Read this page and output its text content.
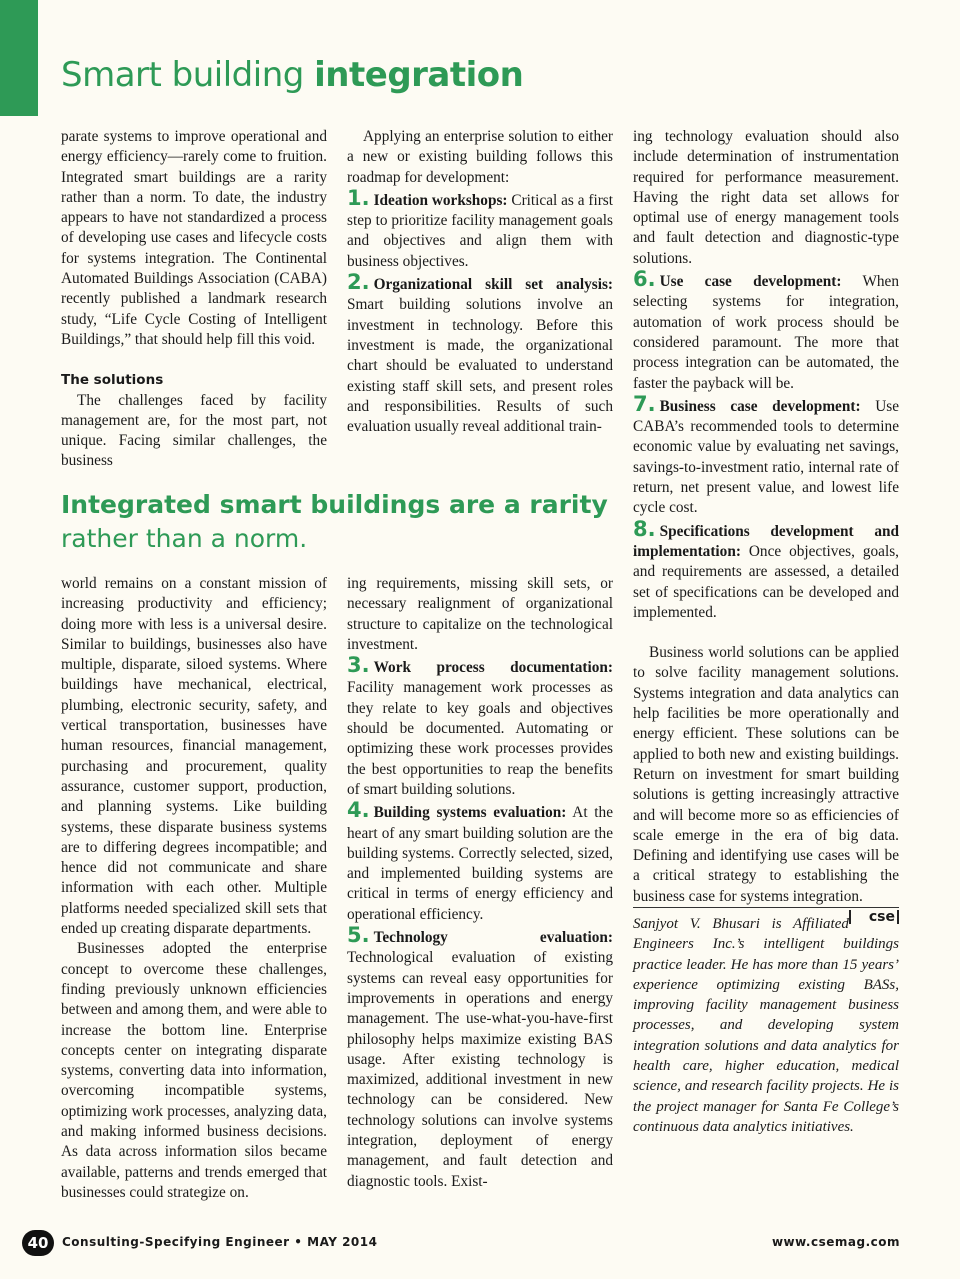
Smart building integration

parate systems to improve operational and energy efficiency—rarely come to fruition. Integrated smart buildings are a rarity rather than a norm. To date, the industry appears to have not standardized a process of developing use cases and lifecycle costs for systems integration. The Continental Automated Buildings Association (CABA) recently published a landmark research study, “Life Cycle Costing of Intelligent Buildings,” that should help fill this void.

The solutions

The challenges faced by facility management are, for the most part, not unique. Facing similar challenges, the business

Applying an enterprise solution to either a new or existing building follows this roadmap for development:

1. Ideation workshops: Critical as a first step to prioritize facility management goals and objectives and align them with business objectives.

2. Organizational skill set analysis: Smart building solutions involve an investment in technology. Before this investment is made, the organizational chart should be evaluated to understand existing staff skill sets, and present roles and responsibilities. Results of such evaluation usually reveal additional train-

ing technology evaluation should also include determination of instrumentation required for performance measurement. Having the right data set allows for optimal use of energy management tools and fault detection and diagnostic-type solutions.

6. Use case development: When selecting systems for integration, automation of work process should be considered paramount. The more that process integration can be automated, the faster the payback will be.

7. Business case development: Use CABA’s recommended tools to determine economic value by evaluating net savings, savings-to-investment ratio, internal rate of return, net present value, and lowest life cycle cost.

8. Specifications development and implementation: Once objectives, goals, and requirements are assessed, a detailed set of specifications can be developed and implemented.

Business world solutions can be applied to solve facility management solutions. Systems integration and data analytics can help facilities be more operationally and energy efficient. These solutions can be applied to both new and existing buildings. Return on investment for smart building solutions is getting increasingly attractive and will become more so as efficiencies of scale emerge in the era of big data. Defining and identifying use cases will be a critical strategy to establishing the business case for systems integration.
cse

Sanjyot V. Bhusari is Affiliated Engineers Inc.’s intelligent buildings practice leader. He has more than 15 years’ experience optimizing existing BASs, improving facility management business processes, and developing system integration solutions and data analytics for health care, higher education, medical science, and research facility projects. He is the project manager for Santa Fe College’s continuous data analytics initiatives.

Integrated smart buildings are a rarity
rather than a norm.

world remains on a constant mission of increasing productivity and efficiency; doing more with less is a universal desire. Similar to buildings, businesses also have multiple, disparate, siloed systems. Where buildings have mechanical, electrical, plumbing, electronic security, safety, and vertical transportation, businesses have human resources, financial management, purchasing and procurement, quality assurance, customer support, production, and planning systems. Like building systems, these disparate business systems are to differing degrees incompatible; and hence did not communicate and share information with each other. Multiple platforms needed specialized skill sets that ended up creating disparate departments.

Businesses adopted the enterprise concept to overcome these challenges, finding previously unknown efficiencies between and among them, and were able to increase the bottom line. Enterprise concepts center on integrating disparate systems, converting data into information, overcoming incompatible systems, optimizing work processes, analyzing data, and making informed business decisions. As data across information silos became available, patterns and trends emerged that businesses could strategize on.

ing requirements, missing skill sets, or necessary realignment of organizational structure to capitalize on the technological investment.

3. Work process documentation: Facility management work processes as they relate to key goals and objectives should be documented. Automating or optimizing these work processes provides the best opportunities to reap the benefits of smart building solutions.

4. Building systems evaluation: At the heart of any smart building solution are the building systems. Correctly selected, sized, and implemented building systems are critical in terms of energy efficiency and operational efficiency.

5. Technology evaluation: Technological evaluation of existing systems can reveal easy opportunities for improvements in operations and energy management. The use-what-you-have-first philosophy helps maximize existing BAS usage. After existing technology is maximized, additional investment in new technology can be considered. New technology solutions can involve systems integration, deployment of energy management, and fault detection and diagnostic tools. Exist-

40	Consulting-Specifying Engineer • MAY 2014	www.csemag.com
